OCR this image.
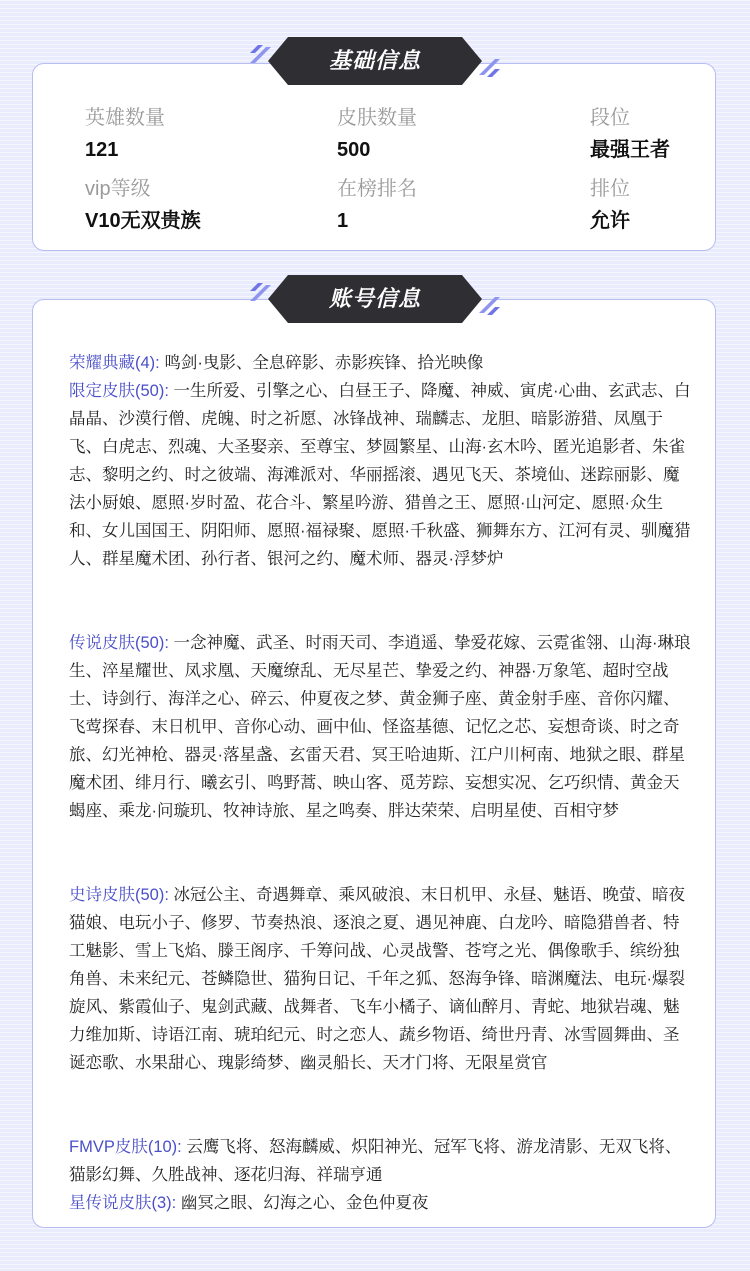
英雄数量
121
皮肤数量
500
段位
最强王者
vip等级
V10无双贵族
在榜排名
1
排位
允许
荣耀典藏(4): 鸣剑·曳影、全息碎影、赤影疾锋、拾光映像
限定皮肤(50): 一生所爱、引擎之心、白昼王子、降魔、神威、寅虎·心曲、玄武志、白晶晶、沙漠行僧、虎魄、时之祈愿、冰锋战神、瑞麟志、龙胆、暗影游猎、凤凰于飞、白虎志、烈魂、大圣娶亲、至尊宝、梦圆繁星、山海·玄木吟、匿光追影者、朱雀志、黎明之约、时之彼端、海滩派对、华丽摇滚、遇见飞天、茶境仙、迷踪丽影、魔法小厨娘、愿照·岁时盈、花合斗、繁星吟游、猎兽之王、愿照·山河定、愿照·众生和、女儿国国王、阴阳师、愿照·福禄聚、愿照·千秋盛、狮舞东方、江河有灵、驯魔猎人、群星魔术团、孙行者、银河之约、魔术师、器灵·浮梦炉
传说皮肤(50): 一念神魔、武圣、时雨天司、李逍遥、挚爱花嫁、云霓雀翎、山海·琳琅生、淬星耀世、凤求凰、天魔缭乱、无尽星芒、挚爱之约、神器·万象笔、超时空战士、诗剑行、海洋之心、碎云、仲夏夜之梦、黄金狮子座、黄金射手座、音你闪耀、飞莺探春、末日机甲、音你心动、画中仙、怪盗基德、记忆之芯、妄想奇谈、时之奇旅、幻光神枪、器灵·落星盏、玄雷天君、冥王哈迪斯、江户川柯南、地狱之眼、群星魔术团、绯月行、曦玄引、鸣野蒿、映山客、觅芳踪、妄想实况、乞巧织情、黄金天蝎座、乘龙·问璇玑、牧神诗旅、星之鸣奏、胖达荣荣、启明星使、百相守梦
史诗皮肤(50): 冰冠公主、奇遇舞章、乘风破浪、末日机甲、永昼、魅语、晚萤、暗夜猫娘、电玩小子、修罗、节奏热浪、逐浪之夏、遇见神鹿、白龙吟、暗隐猎兽者、特工魅影、雪上飞焰、滕王阁序、千筹问战、心灵战警、苍穹之光、偶像歌手、缤纷独角兽、未来纪元、苍鳞隐世、猫狗日记、千年之狐、怒海争锋、暗渊魔法、电玩·爆裂旋风、紫霞仙子、鬼剑武藏、战舞者、飞车小橘子、谪仙醉月、青蛇、地狱岩魂、魅力维加斯、诗语江南、琥珀纪元、时之恋人、蔬乡物语、绮世丹青、冰雪圆舞曲、圣诞恋歌、水果甜心、瑰影绮梦、幽灵船长、天才门将、无限星赏官
FMVP皮肤(10): 云鹰飞将、怒海麟威、炽阳神光、冠军飞将、游龙清影、无双飞将、猫影幻舞、久胜战神、逐花归海、祥瑞亨通
星传说皮肤(3): 幽冥之眼、幻海之心、金色仲夏夜
基础信息
账号信息
